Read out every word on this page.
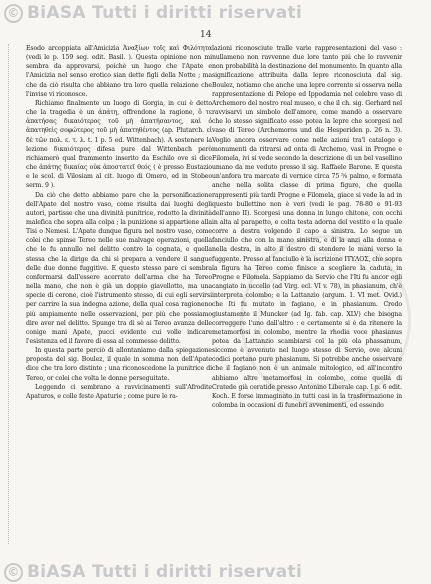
© BiASA Tutti i diritti riservati
14

Esodo arcoppiata all'Amicizia Ἀναξίων τοῖς καὶ Φιλότητα (vedi le p. 159 seg. edit. Basil. ). Questa opinione non mi sembra da approvarsi, poichè un luogo che l'Apate e l'Amicizia nel senso erotico sian dette figli della Notte ; ma che da ciò risulta che abbiano tra loro quella relazione che l'invise vi riconosce.

Richiamo finalmente un luogo di Gorgia, in cui è detto che la tragedia è un ἀπάτη, offrendone la ragione, ὃ τε ἀπατήσας δικαιότερος τοῦ μὴ ἀπατήσαντος, καὶ ὁ ἀπατηθεὶς σοφώτερος τοῦ μὴ ἀπατηθέντος (ap. Plutarch. εἰ δὲ τῶν πολ. ε. τ. λ. t. 1 p. 5 ed. Wittenbach). A sostenere la lezione δικαιότερος difesa pure dal Wittenbach però richiamerò qual frammento inserito da Eschilo ove si dice che ἀπάτης δικαίας οὐκ ἀποστατεῖ θεός ( è presso Eustazio e le scol. di Vilosiam al cit. luogo di Omero, ed in Stobeo serm. 9 ).

Da ciò che detto abbiamo pare che la personificazione dell'Apate del nostro vaso, come risulta dai luoghi degli autori, partisse che una divinità punitrice, rodotto la divinità malefica che sopra alla colpa ; la punizione si appartiene alla Tisi o Nemesi. L'Apate dunque figura nel nostro vaso, come colei che spinse Tereo nelle sue malvage operazioni, quella che le fu annullo nel delitto contro la cognata, e quella stessa che la dirige da chi si prepara a vendere il sangue delle due donne fuggitive. E questo stesso pare ci sembra confermarsi dall'essere acerrato dell'arma che ha Tereo nella mano, che non è già un doppio giavellotto, ma una specie di cerone, cioè l'istrumento stesso, di cui egli servirsi per carrire la sua indegna azione, della qual cosa ragioneno più ampiamente nelle osservazioni, per più che possiamo dire aver nel delitto. Spunge tra di sè ai Tereo avanza delle conige mani Apate, pucci evidente cui volle indicare l'esistenza ed il favore di essa al commesso delitto.

In questa parte perciò di allontaniamo dalla spiegazione proposta del sig. Boulez, il quale in somma non dell'Apate dice che tra loro distinte ; una riconoscedone la punitrice di Tereo, or colei che volta le donne perseguitate.

Leggendo ci sembrano a ravvicinamenti sull'Afrodite Apaturos, e colle feste Apaturie ; come pure le ra-

lazioni riconosciute tralle varie rappresentazioni del vaso : nullameno non ravvenne due lore tanto piú che lo ravvenir non probabilità la destinazione del monumento. In quanto alla significazione attribuita dalla lepre riconosciuta dal sig. Boulez, notiamo che anche una lepre corrente si osserva nella rappresentazione di Pelope ed Ippodamia nel celebre vaso di Archemoro del nostro real museo, e che il ch. sig. Gerhard nel ravvisarvi un simbolo dell'amore, come mandò a osservare che lo stesso significato esso potea la lepre che scorgesi nel vaso di Tereo (Archemoros und die Hesperiden p. 26 n. 3). Voglio ancora osservare come nelle azioni tra'l catalogo e monumenti da ritrarsi ad onta di Archemo, vasi in Progne e Filomela, ivi si vede secondo la descrizione di un bel vasellino umano da me veduto presso il sig. Raffaele Barone. E questa un'anfora tra marcate di vernice circa 75 ⅝ palmo, e formata anche nella solita classe di prima figure, che quella rappresenti più tardi Progne e Filomela, giace si vede la ad in questo bullettino non è veri (vedi le pag. 78-80 e 91-93 dell'anno II). Scorgesi una donna in lungo chitone, con occhi in alta al parapetto, e colta testa adorna del vestito e la quale corre a destra volgendo il capo a sinistra. Lo segue un fanciullo che con la mano sinistra, e di la anzi alla donna e nella destra, in alto il destro di stendere le mani verso la fuggente. Presso al fanciullo è la iscrizione ΙΤΥΛΟΣ, che sopra la figura ha Tereo come finisce a scegliere la caduta, in Progne e Filomela. Sappiamo da Servio che l'Iti fu ancor egli cangiato in uccello (ad Virg. ecl. VI v. 78), in phasianum, ch'è interpreta colombo; e la Lattanzio (argum. 1. VI met. Ovid.) che Iti fu mutato in fagiano, e in phasianum. Credo giustamente il Muncker (ad Ig. fab. cap. XLV) che bisogna correggere l'uno dall'altro : e certamente si è da ritenere la metamorfosi in colombo, mentre la rhodia voce phasianus potea da Lattanzio scambiarsi col la più ola phassanum, siccome è avvenuto nel luogo stesso di Servio, ove alcuni codici portano pure phasianum. Si potrebbe anche osservare che il fagiano non è un animale mitologico, ed all'incontro abbiamo altre metamorfosi in colombo, come quella di Cratede già ceratide presso Antonino Liberale cap. I p. 6 edit. Koch. E forse immaginato in tutti casi in la trasformazione in colomba in occasioni di funebri avvenimenti, ed essendo

© BiASA Tutti i diritti riservati
